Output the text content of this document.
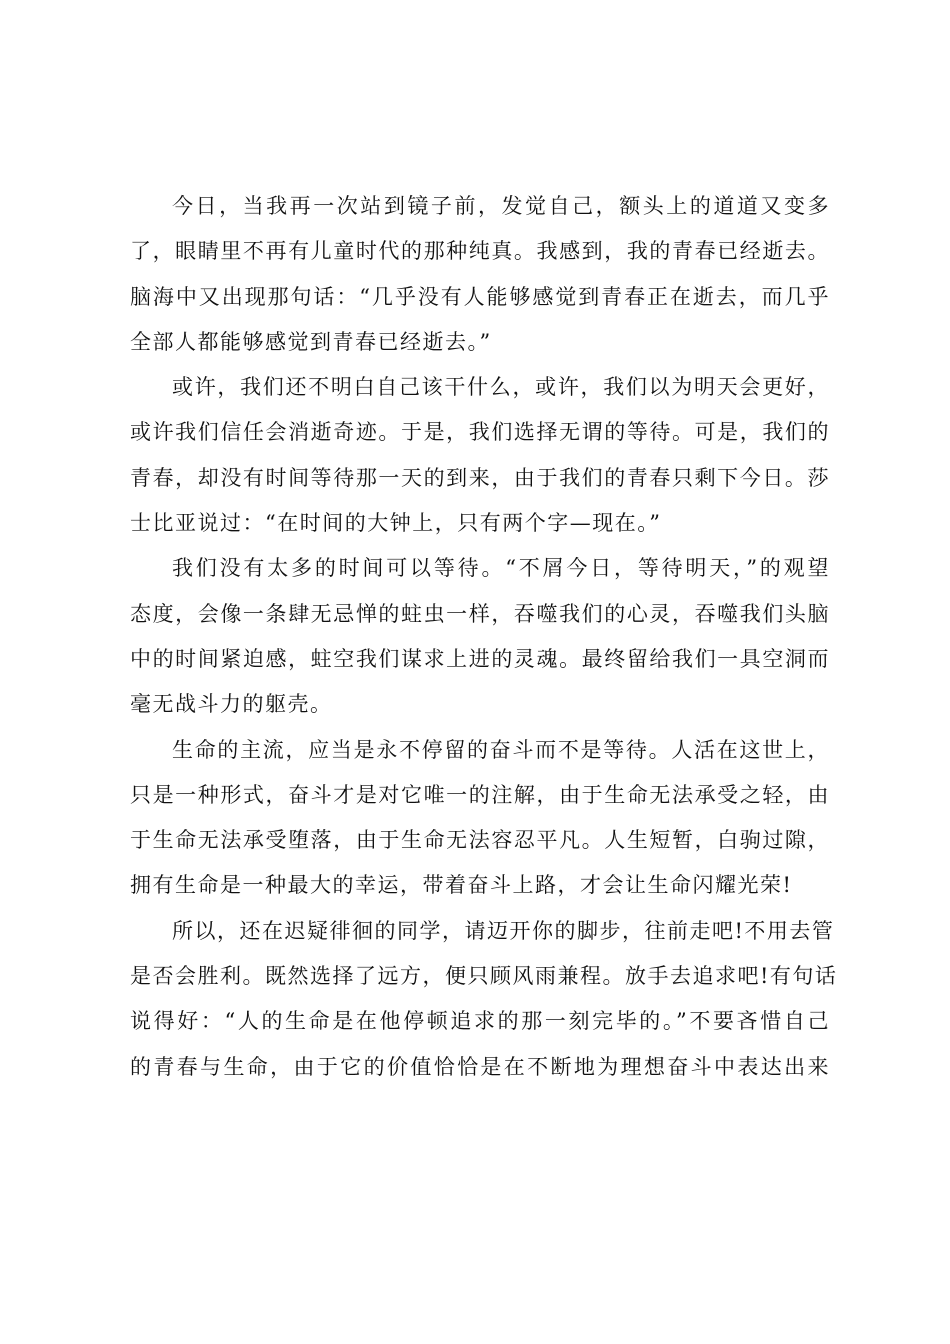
今日，当我再一次站到镜子前，发觉自己，额头上的道道又变多
了，眼睛里不再有儿童时代的那种纯真。我感到，我的青春已经逝去。
脑海中又出现那句话：“几乎没有人能够感觉到青春正在逝去，而几乎
全部人都能够感觉到青春已经逝去。”

或许，我们还不明白自己该干什么，或许，我们以为明天会更好，
或许我们信任会消逝奇迹。于是，我们选择无谓的等待。可是，我们的
青春，却没有时间等待那一天的到来，由于我们的青春只剩下今日。莎
士比亚说过：“在时间的大钟上，只有两个字—现在。”

我们没有太多的时间可以等待。“不屑今日，等待明天，”的观望
态度，会像一条肆无忌惮的蛀虫一样，吞噬我们的心灵，吞噬我们头脑
中的时间紧迫感，蛀空我们谋求上进的灵魂。最终留给我们一具空洞而
毫无战斗力的躯壳。

生命的主流，应当是永不停留的奋斗而不是等待。人活在这世上，
只是一种形式，奋斗才是对它唯一的注解，由于生命无法承受之轻，由
于生命无法承受堕落，由于生命无法容忍平凡。人生短暂，白驹过隙，
拥有生命是一种最大的幸运，带着奋斗上路，才会让生命闪耀光荣!

所以，还在迟疑徘徊的同学，请迈开你的脚步，往前走吧!不用去管
是否会胜利。既然选择了远方，便只顾风雨兼程。放手去追求吧!有句话
说得好：“人的生命是在他停顿追求的那一刻完毕的。”不要吝惜自己
的青春与生命，由于它的价值恰恰是在不断地为理想奋斗中表达出来
